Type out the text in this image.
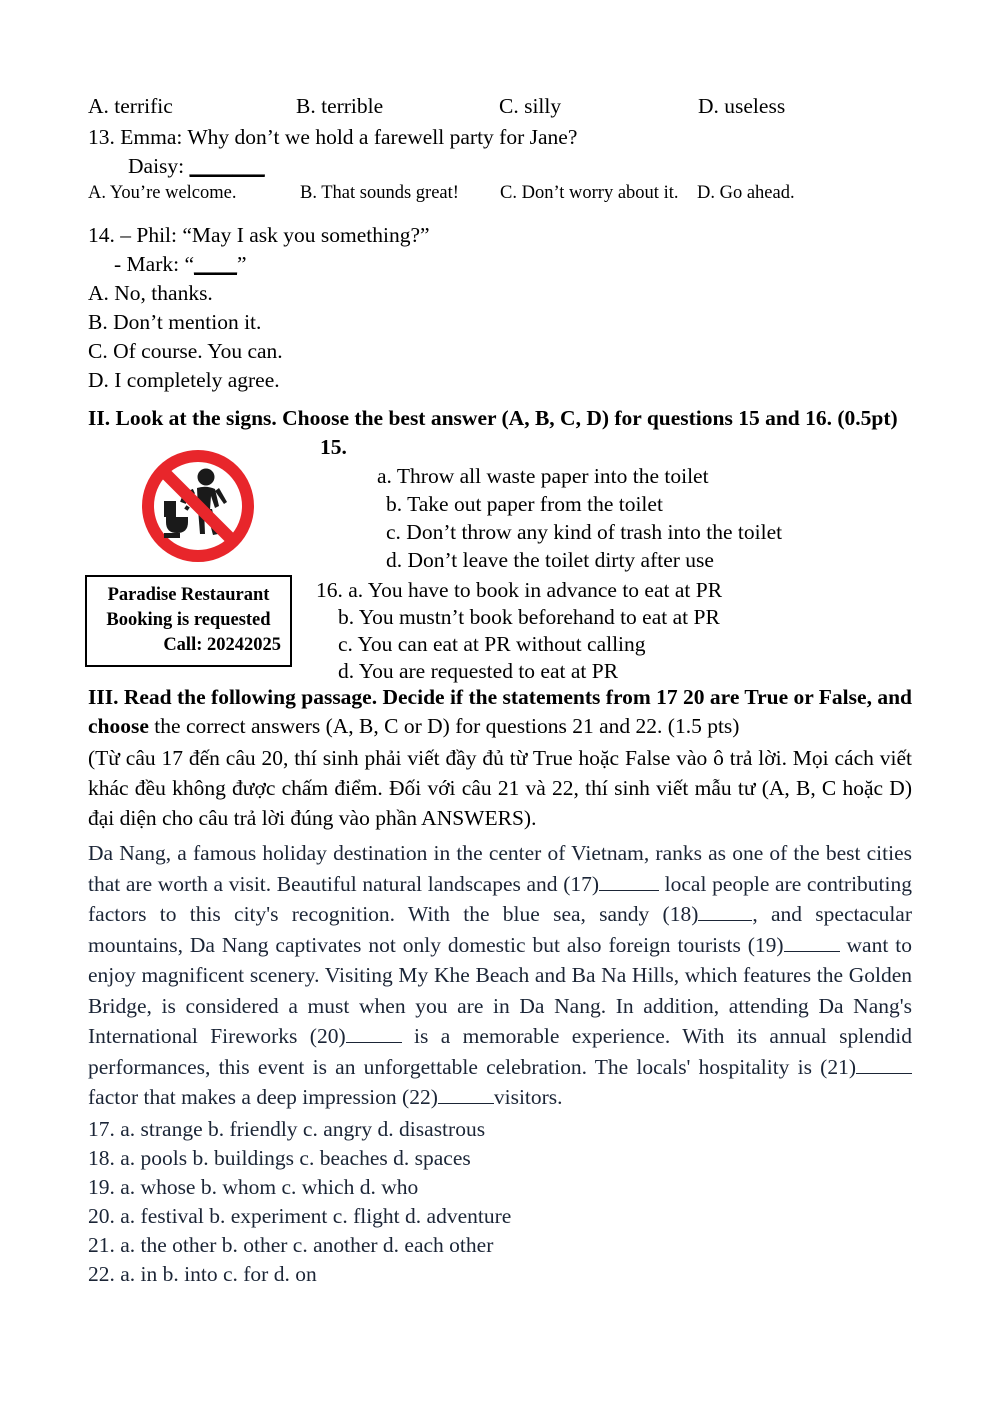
A. terrific	B. terrible	C. silly	D. useless
13. Emma: Why don’t we hold a farewell party for Jane?
Daisy: _______
A. You’re welcome.	B. That sounds great!	C. Don’t worry about it.	D. Go ahead.
14. – Phil: “May I ask you something?”
- Mark: “____”
A. No, thanks.
B. Don’t mention it.
C. Of course. You can.
D. I completely agree.
II. Look at the signs. Choose the best answer (A, B, C, D) for questions 15 and 16. (0.5pt)
15.
a. Throw all waste paper into the toilet
b. Take out paper from the toilet
c. Don’t throw any kind of trash into the toilet
d. Don’t leave the toilet dirty after use
Paradise Restaurant
Booking is requested
Call: 20242025
16. a. You have to book in advance to eat at PR
b. You mustn’t book beforehand to eat at PR
c. You can eat at PR without calling
d. You are requested to eat at PR
III. Read the following passage. Decide if the statements from 17 20 are True or False, and choose the correct answers (A, B, C or D) for questions 21 and 22. (1.5 pts)
(Từ câu 17 đến câu 20, thí sinh phải viết đầy đủ từ True hoặc False vào ô trả lời. Mọi cách viết khác đều không được chấm điểm. Đối với câu 21 và 22, thí sinh viết mẫu tư (A, B, C hoặc D) đại diện cho câu trả lời đúng vào phần ANSWERS).
Da Nang, a famous holiday destination in the center of Vietnam, ranks as one of the best cities that are worth a visit. Beautiful natural landscapes and (17)	local people are contributing factors to this city's recognition. With the blue sea, sandy (18)	, and spectacular mountains, Da Nang captivates not only domestic but also foreign tourists (19)	want to enjoy magnificent scenery. Visiting My Khe Beach and Ba Na Hills, which features the Golden Bridge, is considered a must when you are in Da Nang. In addition, attending Da Nang's International Fireworks (20)	is a memorable experience. With its annual splendid performances, this event is an unforgettable celebration. The locals' hospitality is (21) factor that makes a deep impression (22)	visitors.
17. a. strange b. friendly c. angry d. disastrous
18. a. pools b. buildings c. beaches d. spaces
19. a. whose b. whom c. which d. who
20. a. festival b. experiment c. flight d. adventure
21. a. the other b. other c. another d. each other
22. a. in b. into c. for d. on
